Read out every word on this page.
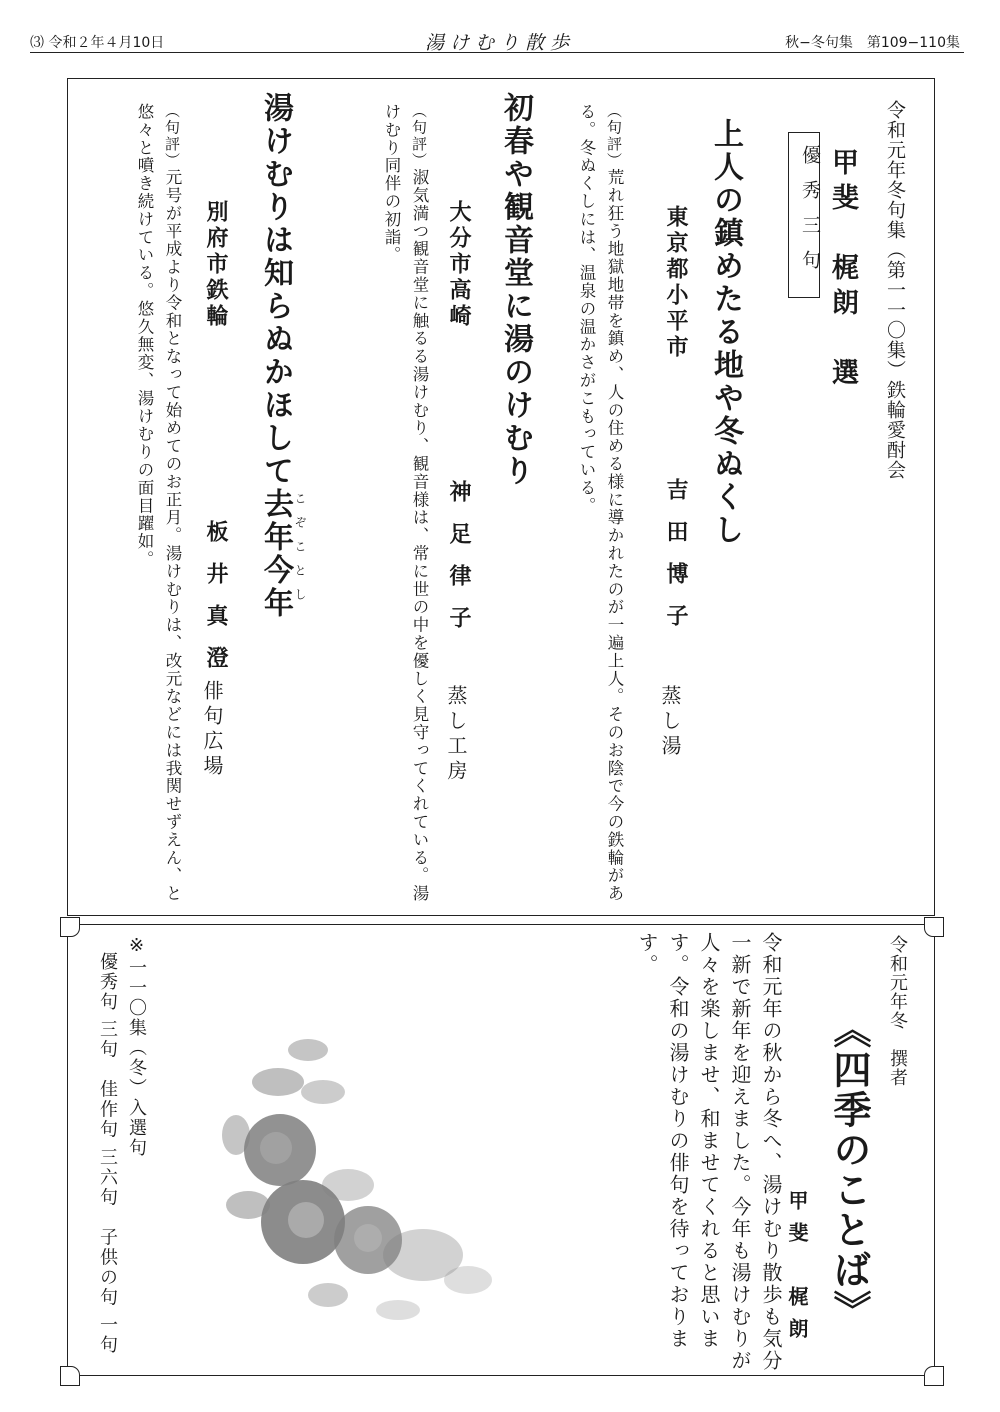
⑶ 令和２年４月10日	湯けむり散歩	秋−冬句集　第109−110集
令和元年冬句集（第一一〇集）鉄輪愛酎会
甲斐　梶朗　選
優秀三句
上人の鎮めたる地や冬ぬくし
東京都小平市
吉田博子
蒸し湯
（句評）荒れ狂う地獄地帯を鎮め、人の住める様に導かれたのが一遍上人。そのお陰で今の鉄輪がある。冬ぬくしには、温泉の温かさがこもっている。
初春や観音堂に湯のけむり
大分市高崎
神足律子
蒸し工房
（句評）淑気満つ観音堂に触るる湯けむり、観音様は、常に世の中を優しく見守ってくれている。湯けむり同伴の初詣。
湯けむりは知らぬかほして去年今年 こぞことし
別府市鉄輪
板井真澄
俳句広場
（句評）元号が平成より令和となって始めてのお正月。湯けむりは、改元などには我関せずえん、と悠々と噴き続けている。悠久無変、湯けむりの面目躍如。
令和元年冬　撰者
《四季のことば》
甲斐　梶朗
令和元年の秋から冬へ、湯けむり散歩も気分一新で新年を迎えました。今年も湯けむりが人々を楽しませ、和ませてくれると思います。令和の湯けむりの俳句を待っております。
※一一〇集（冬）入選句
優秀句 三句　佳作句 三六句　子供の句 一句
